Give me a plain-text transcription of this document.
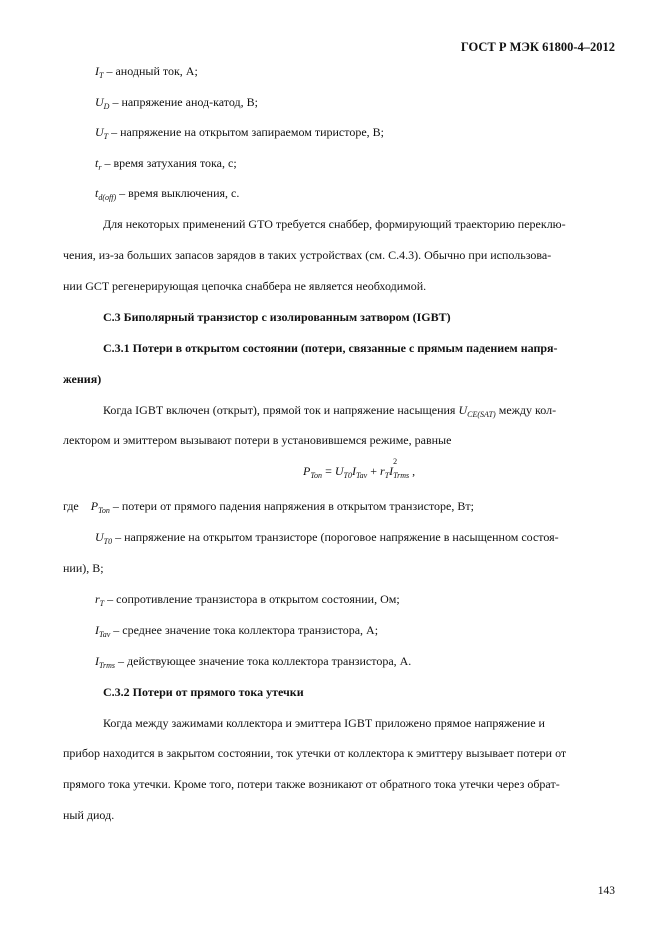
ГОСТ Р МЭК 61800-4–2012
$I_T$ – анодный ток, А;
$U_D$ – напряжение анод-катод, В;
$U_T$ – напряжение на открытом запираемом тиристоре, В;
$t_r$ – время затухания тока, с;
$t_{d(off)}$ – время выключения, с.
Для некоторых применений GTO требуется снаббер, формирующий траекторию переклю-
чения, из-за больших запасов зарядов в таких устройствах (см. С.4.3). Обычно при использова-
нии GCT регенерирующая цепочка снаббера не является необходимой.
С.3 Биполярный транзистор с изолированным затвором (IGBT)
С.3.1 Потери в открытом состоянии (потери, связанные с прямым падением напря-
жения)
Когда IGBT включен (открыт), прямой ток и напряжение насыщения $U_{CE(SAT)}$ между кол-
лектором и эмиттером вызывают потери в установившемся режиме, равные
$P_{Ton} = U_{T0}I_{Tav} + r_TI$
2
$_{Trms}$ ,
где $P_{Ton}$ – потери от прямого падения напряжения в открытом транзисторе, Вт;
$U_{T0}$ – напряжение на открытом транзисторе (пороговое напряжение в насыщенном состоя-
нии), В;
$r_T$ – сопротивление транзистора в открытом состоянии, Ом;
$I_{Tav}$ – среднее значение тока коллектора транзистора, А;
$I_{Trms}$ – действующее значение тока коллектора транзистора, А.
С.3.2 Потери от прямого тока утечки
Когда между зажимами коллектора и эмиттера IGBT приложено прямое напряжение и
прибор находится в закрытом состоянии, ток утечки от коллектора к эмиттеру вызывает потери от
прямого тока утечки. Кроме того, потери также возникают от обратного тока утечки через обрат-
ный диод.
143
